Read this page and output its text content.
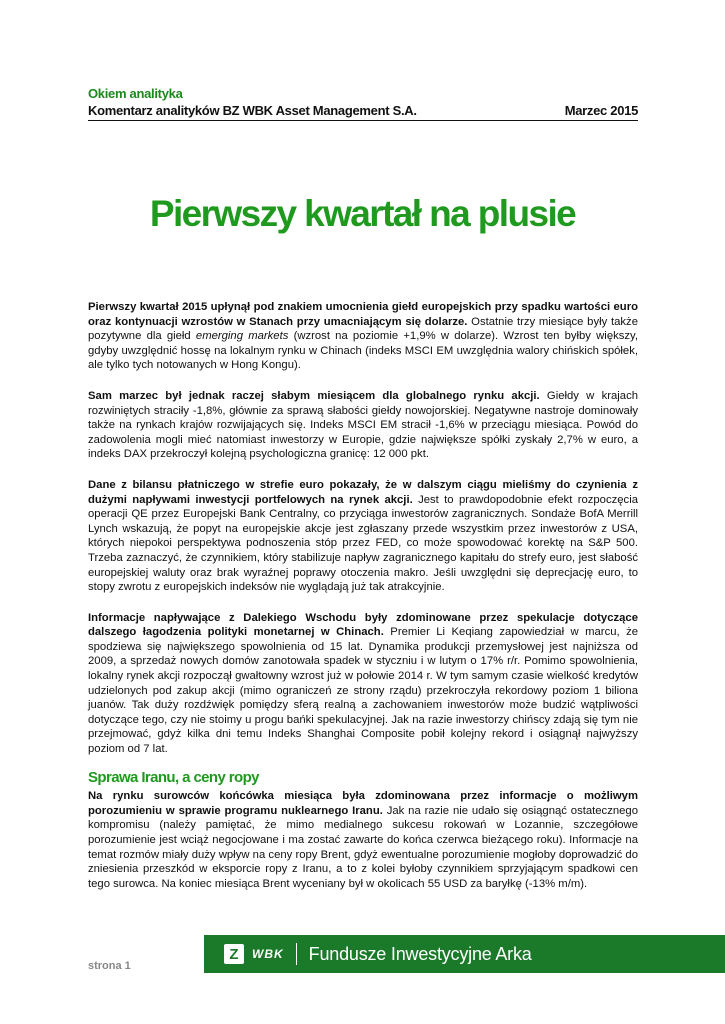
Okiem analityka
Komentarz analityków BZ WBK Asset Management S.A.	Marzec 2015
Pierwszy kwartał na plusie

Pierwszy kwartał 2015 upłynął pod znakiem umocnienia giełd europejskich przy spadku wartości euro oraz kontynuacji wzrostów w Stanach przy umacniającym się dolarze. Ostatnie trzy miesiące były także pozytywne dla giełd emerging markets (wzrost na poziomie +1,9% w dolarze). Wzrost ten byłby większy, gdyby uwzględnić hossę na lokalnym rynku w Chinach (indeks MSCI EM uwzględnia walory chińskich spółek, ale tylko tych notowanych w Hong Kongu).

Sam marzec był jednak raczej słabym miesiącem dla globalnego rynku akcji. Giełdy w krajach rozwiniętych straciły -1,8%, głównie za sprawą słabości giełdy nowojorskiej. Negatywne nastroje dominowały także na rynkach krajów rozwijających się. Indeks MSCI EM stracił -1,6% w przeciągu miesiąca. Powód do zadowolenia mogli mieć natomiast inwestorzy w Europie, gdzie największe spółki zyskały 2,7% w euro, a indeks DAX przekroczył kolejną psychologiczna granicę: 12 000 pkt.

Dane z bilansu płatniczego w strefie euro pokazały, że w dalszym ciągu mieliśmy do czynienia z dużymi napływami inwestycji portfelowych na rynek akcji. Jest to prawdopodobnie efekt rozpoczęcia operacji QE przez Europejski Bank Centralny, co przyciąga inwestorów zagranicznych. Sondaże BofA Merrill Lynch wskazują, że popyt na europejskie akcje jest zgłaszany przede wszystkim przez inwestorów z USA, których niepokoi perspektywa podnoszenia stóp przez FED, co może spowodować korektę na S&P 500. Trzeba zaznaczyć, że czynnikiem, który stabilizuje napływ zagranicznego kapitału do strefy euro, jest słabość europejskiej waluty oraz brak wyraźnej poprawy otoczenia makro. Jeśli uwzględni się deprecjację euro, to stopy zwrotu z europejskich indeksów nie wyglądają już tak atrakcyjnie.

Informacje napływające z Dalekiego Wschodu były zdominowane przez spekulacje dotyczące dalszego łagodzenia polityki monetarnej w Chinach. Premier Li Keqiang zapowiedział w marcu, że spodziewa się największego spowolnienia od 15 lat. Dynamika produkcji przemysłowej jest najniższa od 2009, a sprzedaż nowych domów zanotowała spadek w styczniu i w lutym o 17% r/r. Pomimo spowolnienia, lokalny rynek akcji rozpoczął gwałtowny wzrost już w połowie 2014 r. W tym samym czasie wielkość kredytów udzielonych pod zakup akcji (mimo ograniczeń ze strony rządu) przekroczyła rekordowy poziom 1 biliona juanów. Tak duży rozdźwięk pomiędzy sferą realną a zachowaniem inwestorów może budzić wątpliwości dotyczące tego, czy nie stoimy u progu bańki spekulacyjnej. Jak na razie inwestorzy chińscy zdają się tym nie przejmować, gdyż kilka dni temu Indeks Shanghai Composite pobił kolejny rekord i osiągnął najwyższy poziom od 7 lat.

Sprawa Iranu, a ceny ropy

Na rynku surowców końcówka miesiąca była zdominowana przez informacje o możliwym porozumieniu w sprawie programu nuklearnego Iranu. Jak na razie nie udało się osiągnąć ostatecznego kompromisu (należy pamiętać, że mimo medialnego sukcesu rokowań w Lozannie, szczegółowe porozumienie jest wciąż negocjowane i ma zostać zawarte do końca czerwca bieżącego roku). Informacje na temat rozmów miały duży wpływ na ceny ropy Brent, gdyż ewentualne porozumienie mogłoby doprowadzić do zniesienia przeszkód w eksporcie ropy z Iranu, a to z kolei byłoby czynnikiem sprzyjającym spadkowi cen tego surowca. Na koniec miesiąca Brent wyceniany był w okolicach 55 USD za baryłkę (-13% m/m).

strona 1
Z	WBK Fundusze Inwestycyjne Arka
